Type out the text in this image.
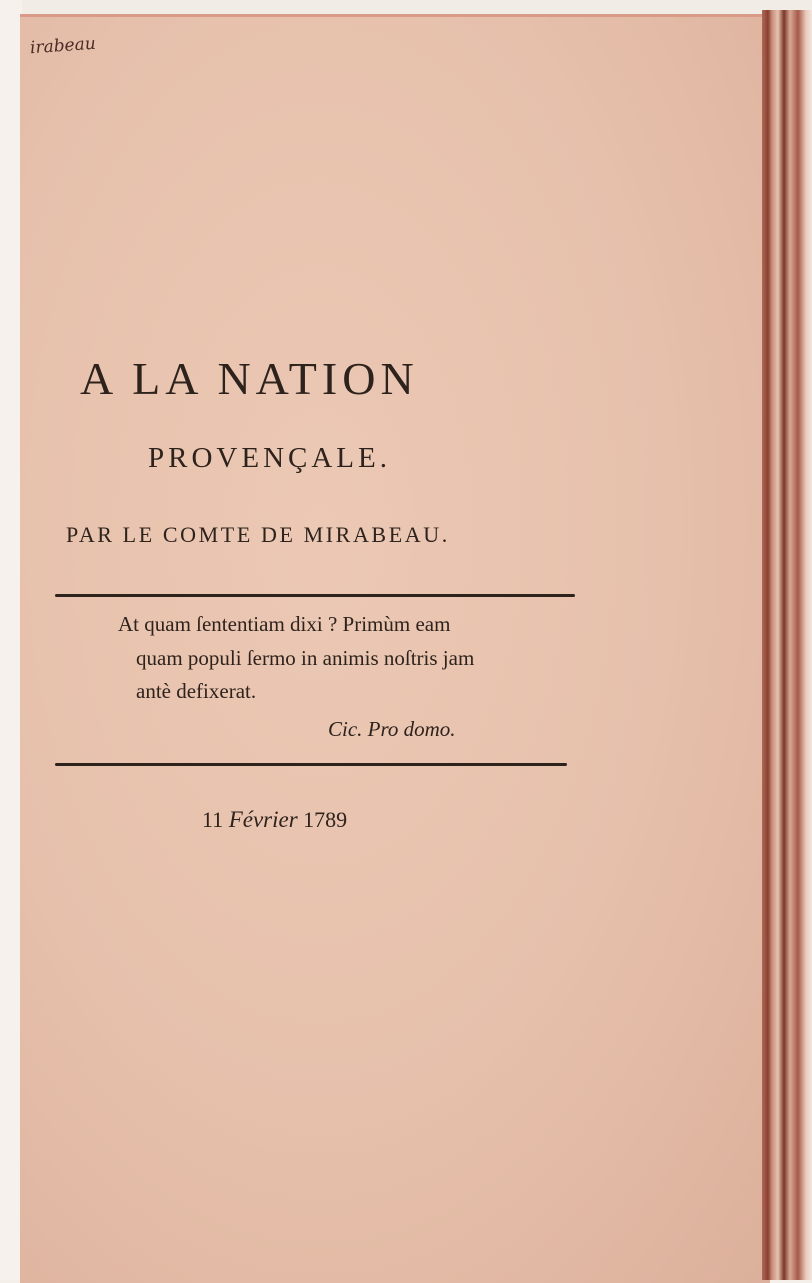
irabeau
A LA NATION
PROVENÇALE.
PAR LE COMTE DE MIRABEAU.
At quam ſententiam dixi ? Primùm eam
quam populi ſermo in animis noſtris jam
antè defixerat.
Cic. Pro domo.
11 Février 1789
